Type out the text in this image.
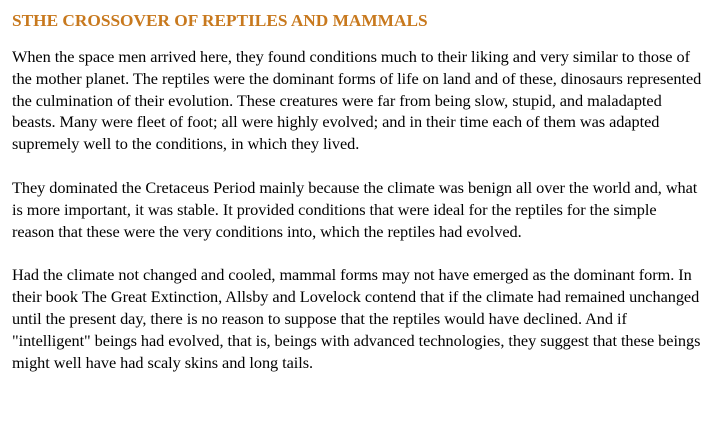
STHE CROSSOVER OF REPTILES AND MAMMALS

When the space men arrived here, they found conditions much to their liking and very similar to those of the mother planet. The reptiles were the dominant forms of life on land and of these, dinosaurs represented the culmination of their evolution. These creatures were far from being slow, stupid, and maladapted beasts. Many were fleet of foot; all were highly evolved; and in their time each of them was adapted supremely well to the conditions, in which they lived.

They dominated the Cretaceus Period mainly because the climate was benign all over the world and, what is more important, it was stable. It provided conditions that were ideal for the reptiles for the simple reason that these were the very conditions into, which the reptiles had evolved.

Had the climate not changed and cooled, mammal forms may not have emerged as the dominant form. In their book The Great Extinction, Allsby and Lovelock contend that if the climate had remained unchanged until the present day, there is no reason to suppose that the reptiles would have declined. And if "intelligent" beings had evolved, that is, beings with advanced technologies, they suggest that these beings might well have had scaly skins and long tails.
